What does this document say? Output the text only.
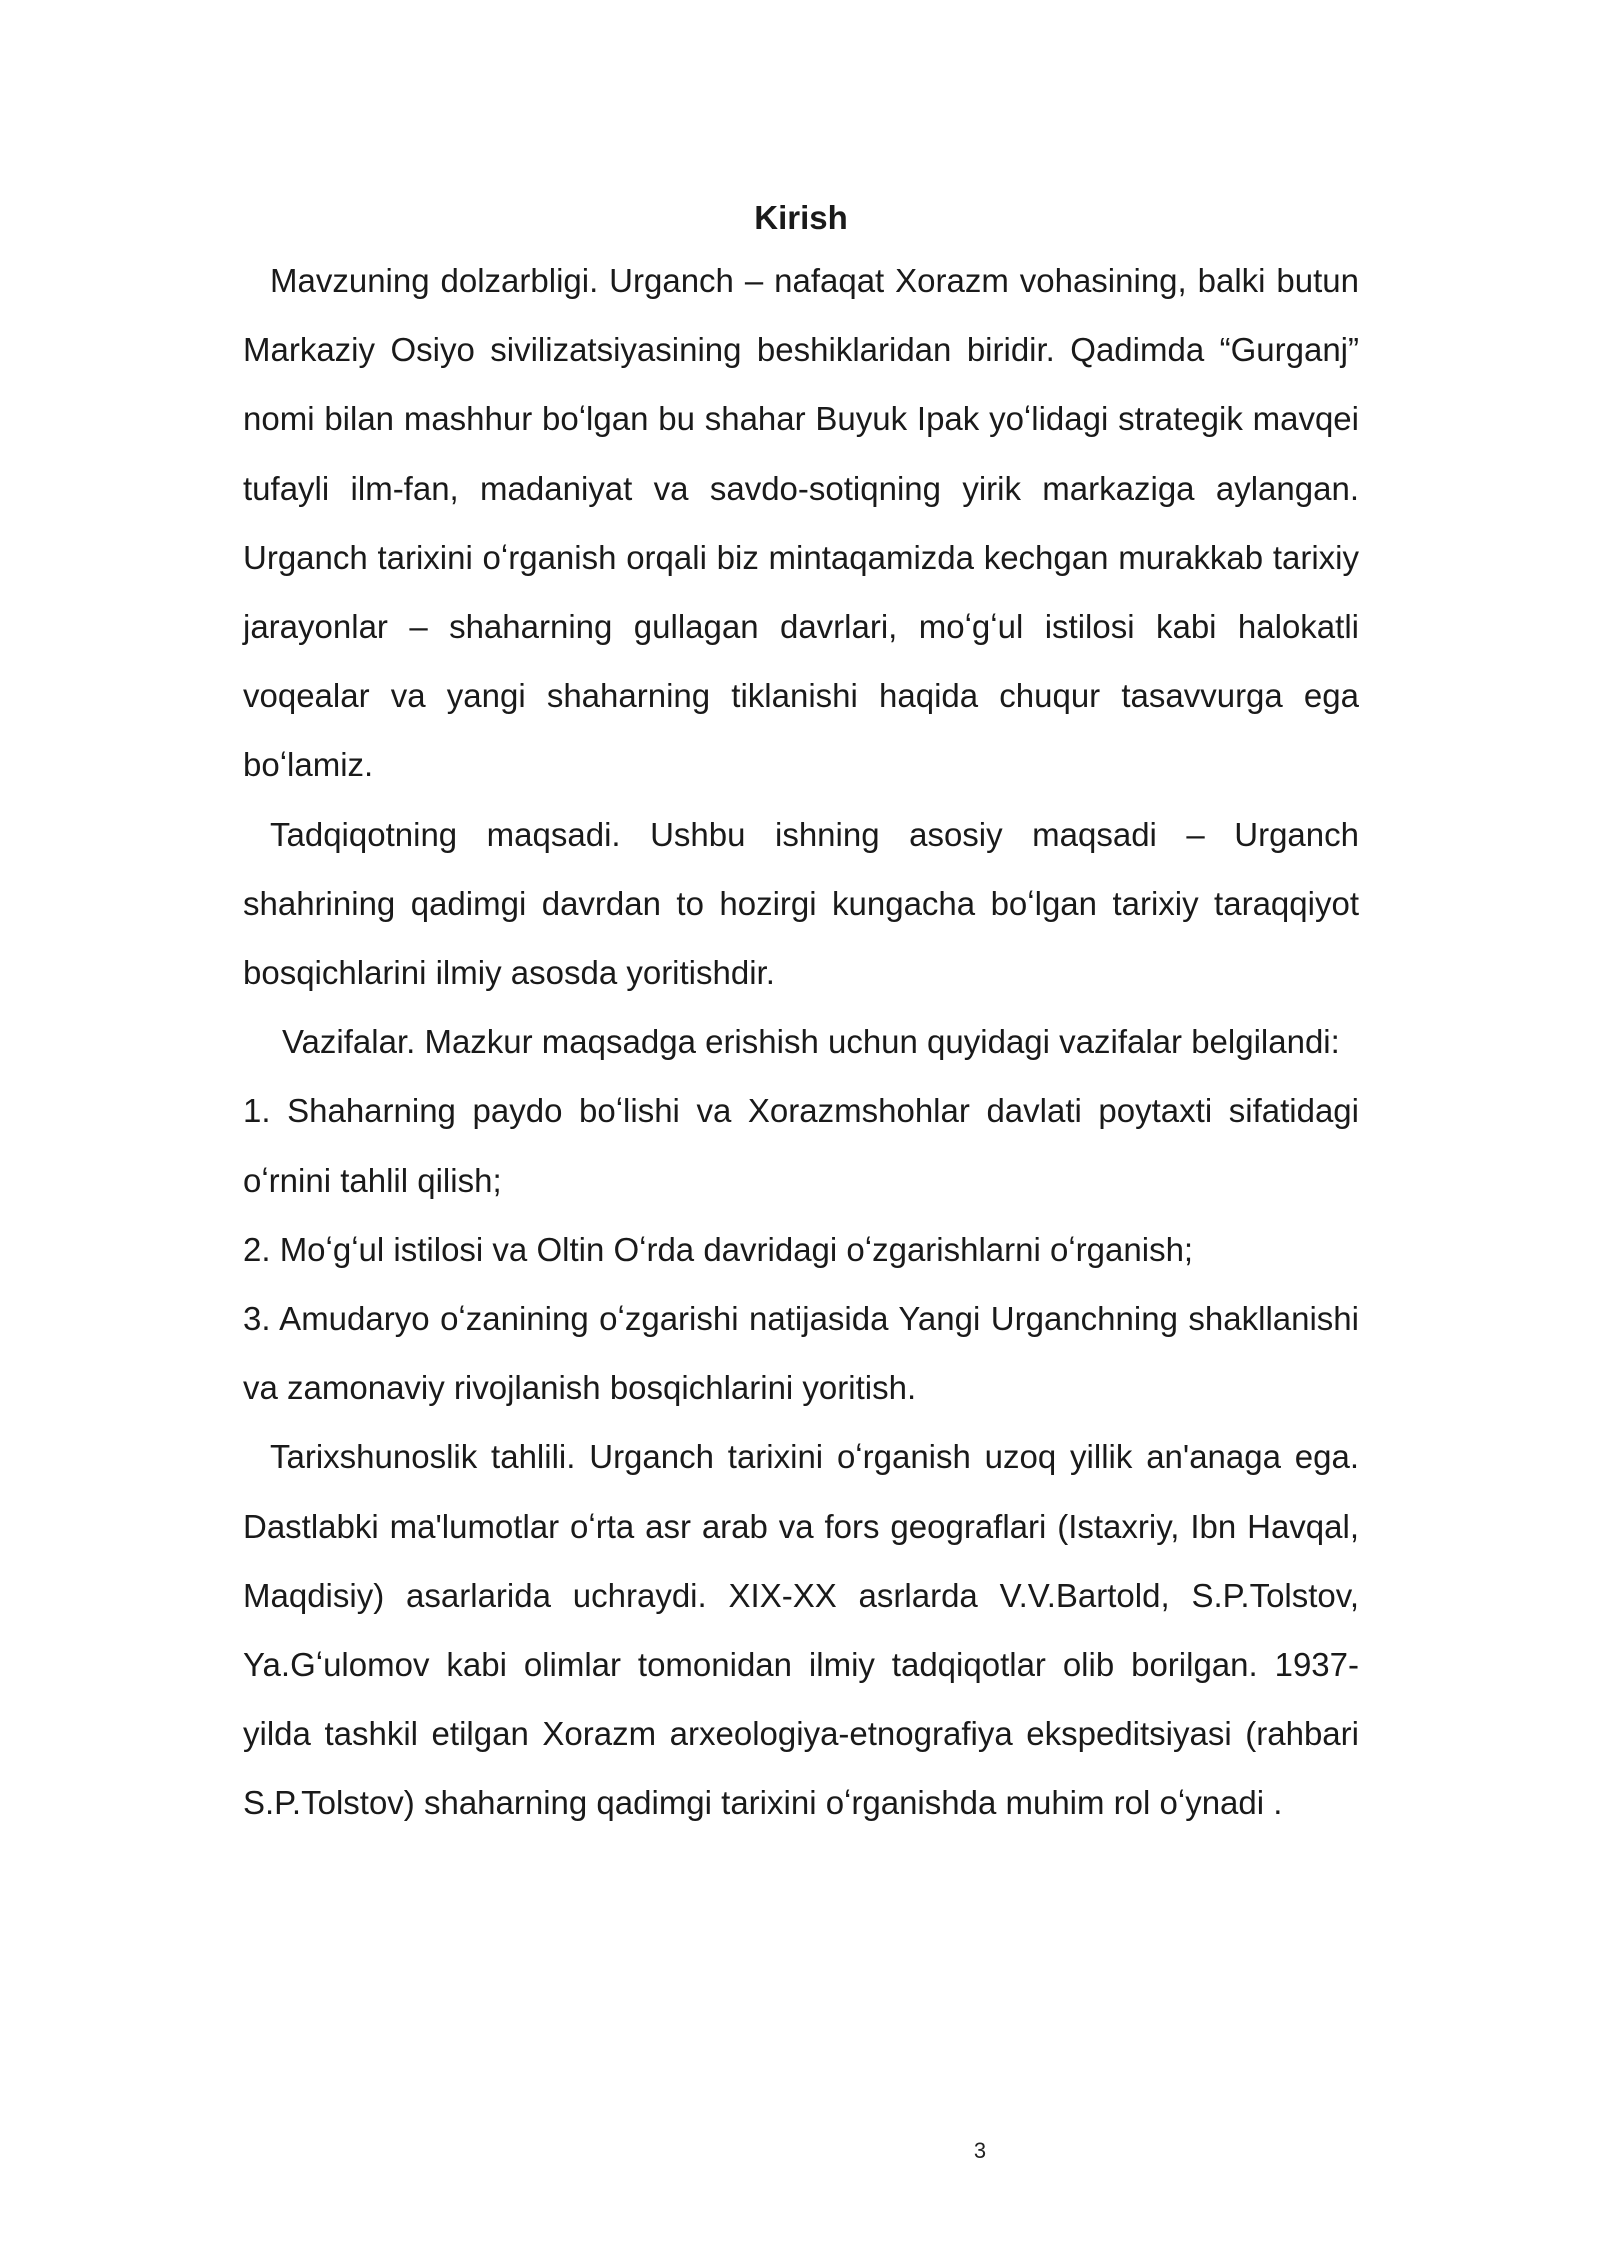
Kirish

Mavzuning dolzarbligi. Urganch – nafaqat Xorazm vohasining, balki butun Markaziy Osiyo sivilizatsiyasining beshiklaridan biridir. Qadimda “Gurganj” nomi bilan mashhur boʻlgan bu shahar Buyuk Ipak yoʻlidagi strategik mavqei tufayli ilm-fan, madaniyat va savdo-sotiqning yirik markaziga aylangan. Urganch tarixini oʻrganish orqali biz mintaqamizda kechgan murakkab tarixiy jarayonlar – shaharning gullagan davrlari, moʻgʻul istilosi kabi halokatli voqealar va yangi shaharning tiklanishi haqida chuqur tasavvurga ega boʻlamiz.

Tadqiqotning maqsadi. Ushbu ishning asosiy maqsadi – Urganch shahrining qadimgi davrdan to hozirgi kungacha boʻlgan tarixiy taraqqiyot bosqichlarini ilmiy asosda yoritishdir.

Vazifalar. Mazkur maqsadga erishish uchun quyidagi vazifalar belgilandi:

1. Shaharning paydo boʻlishi va Xorazmshohlar davlati poytaxti sifatidagi oʻrnini tahlil qilish;

2. Moʻgʻul istilosi va Oltin Oʻrda davridagi oʻzgarishlarni oʻrganish;

3. Amudaryo oʻzanining oʻzgarishi natijasida Yangi Urganchning shakllanishi va zamonaviy rivojlanish bosqichlarini yoritish.

Tarixshunoslik tahlili. Urganch tarixini oʻrganish uzoq yillik an'anaga ega. Dastlabki ma'lumotlar oʻrta asr arab va fors geograflari (Istaxriy, Ibn Havqal, Maqdisiy) asarlarida uchraydi. XIX-XX asrlarda V.V.Bartold, S.P.Tolstov, Ya.Gʻulomov kabi olimlar tomonidan ilmiy tadqiqotlar olib borilgan. 1937-yilda tashkil etilgan Xorazm arxeologiya-etnografiya ekspeditsiyasi (rahbari S.P.Tolstov) shaharning qadimgi tarixini oʻrganishda muhim rol oʻynadi .

3
